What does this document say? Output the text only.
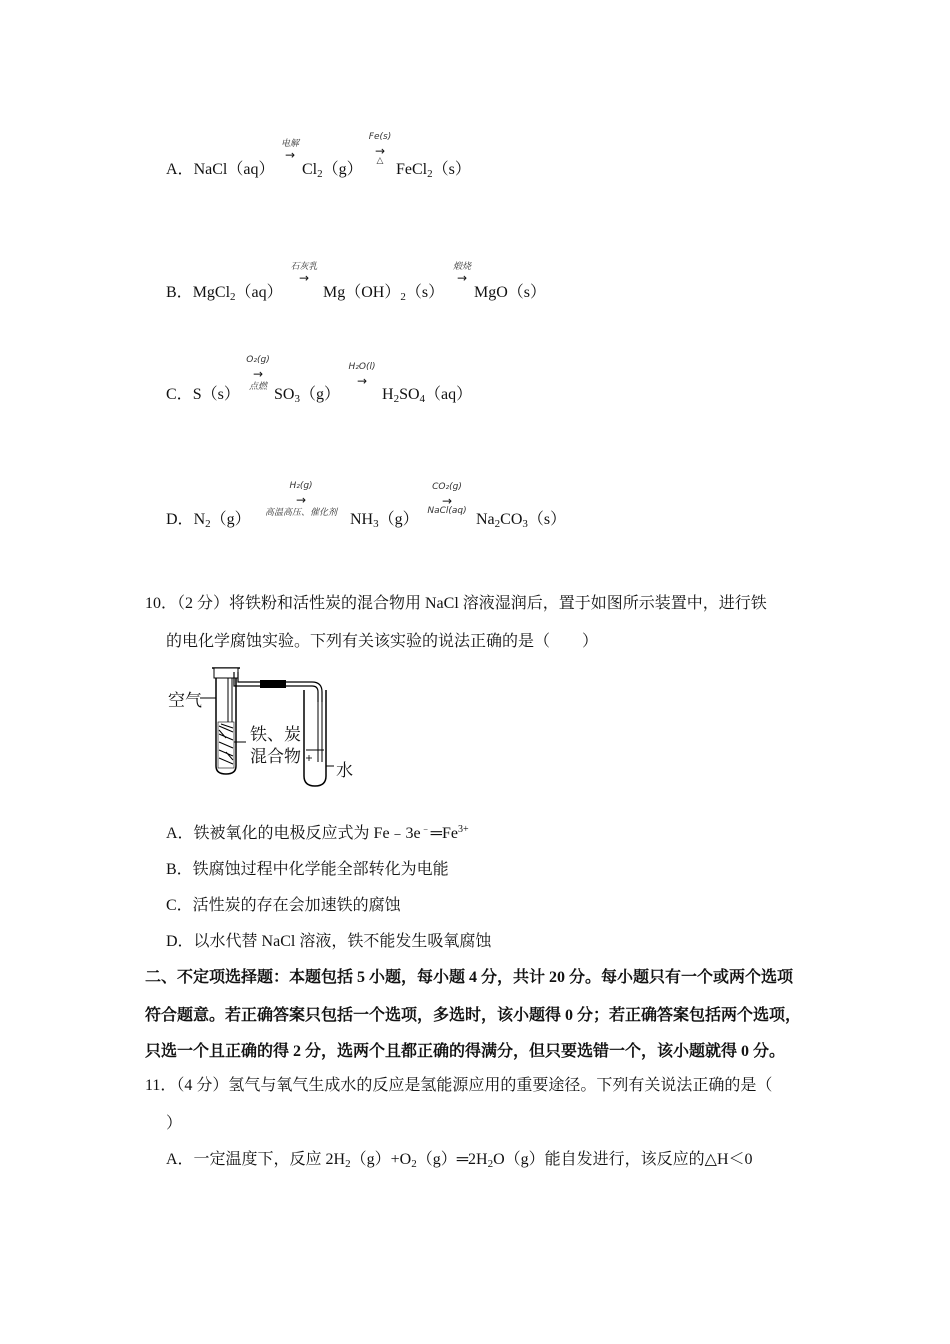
A．NaCl（aq）
电解
→
$Cl_2(g)$
Fe(s)
→
△ FeCl$_2$（s）
B．MgCl$_2$（aq）
石灰乳
→
$Mg(OH)_2(s)$
煅烧
→
MgO（s）
C．S（s）
O₂(g)
→
点燃 $SO_3(g)$
H₂O(l)
→
$H_2SO_4(aq)$
D．$N_2(g)$
H₂(g)
→
高温高压、催化剂 $NH_3(g)$
CO₂(g)
→
NaCl(aq) $Na_2CO_3(s)$
10．（2 分）将铁粉和活性炭的混合物用 NaCl 溶液湿润后，置于如图所示装置中，进行铁
的电化学腐蚀实验。下列有关该实验的说法正确的是（　　）
空气
铁、炭
混合物
水
A．铁被氧化的电极反应式为 $Fe﹣3e^﹣═Fe^{3+}$
B．铁腐蚀过程中化学能全部转化为电能
C．活性炭的存在会加速铁的腐蚀
D．以水代替 NaCl 溶液，铁不能发生吸氧腐蚀
二、不定项选择题：本题包括 5 小题，每小题 4 分，共计 20 分。每小题只有一个或两个选项
符合题意。若正确答案只包括一个选项，多选时，该小题得 0 分；若正确答案包括两个选项，
只选一个且正确的得 2 分，选两个且都正确的得满分，但只要选错一个，该小题就得 0 分。
11．（4 分）氢气与氧气生成水的反应是氢能源应用的重要途径。下列有关说法正确的是（
）
A．一定温度下，反应 $2H_2(g)+O_2(g)═2H_2O(g)$能自发进行，该反应的△H＜0
